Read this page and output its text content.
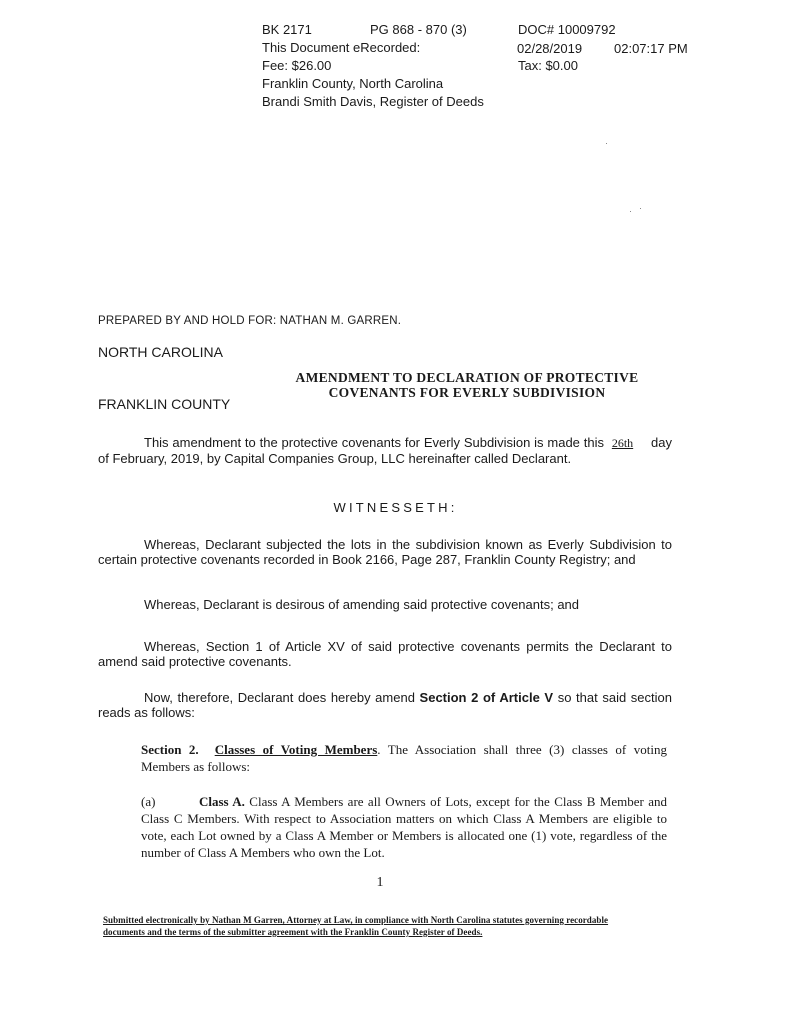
BK 2171	PG 868 - 870 (3)	DOC# 10009792
This Document eRecorded:	02/28/2019 02:07:17 PM
Fee: $26.00	Tax: $0.00
Franklin County, North Carolina
Brandi Smith Davis, Register of Deeds
PREPARED BY AND HOLD FOR: NATHAN M. GARREN.
NORTH CAROLINA
FRANKLIN COUNTY
AMENDMENT TO DECLARATION OF PROTECTIVE
COVENANTS FOR EVERLY SUBDIVISION
This amendment to the protective covenants for Everly Subdivision is made this 26th day of February, 2019, by Capital Companies Group, LLC hereinafter called Declarant.
WITNESSETH:
Whereas, Declarant subjected the lots in the subdivision known as Everly Subdivision to certain protective covenants recorded in Book 2166, Page 287, Franklin County Registry; and
Whereas, Declarant is desirous of amending said protective covenants; and
Whereas, Section 1 of Article XV of said protective covenants permits the Declarant to amend said protective covenants.
Now, therefore, Declarant does hereby amend Section 2 of Article V so that said section reads as follows:
Section 2. Classes of Voting Members. The Association shall three (3) classes of voting Members as follows:
(a)	Class A. Class A Members are all Owners of Lots, except for the Class B Member and Class C Members. With respect to Association matters on which Class A Members are eligible to vote, each Lot owned by a Class A Member or Members is allocated one (1) vote, regardless of the number of Class A Members who own the Lot.
1
Submitted electronically by Nathan M Garren, Attorney at Law, in compliance with North Carolina statutes governing recordable
documents and the terms of the submitter agreement with the Franklin County Register of Deeds.
